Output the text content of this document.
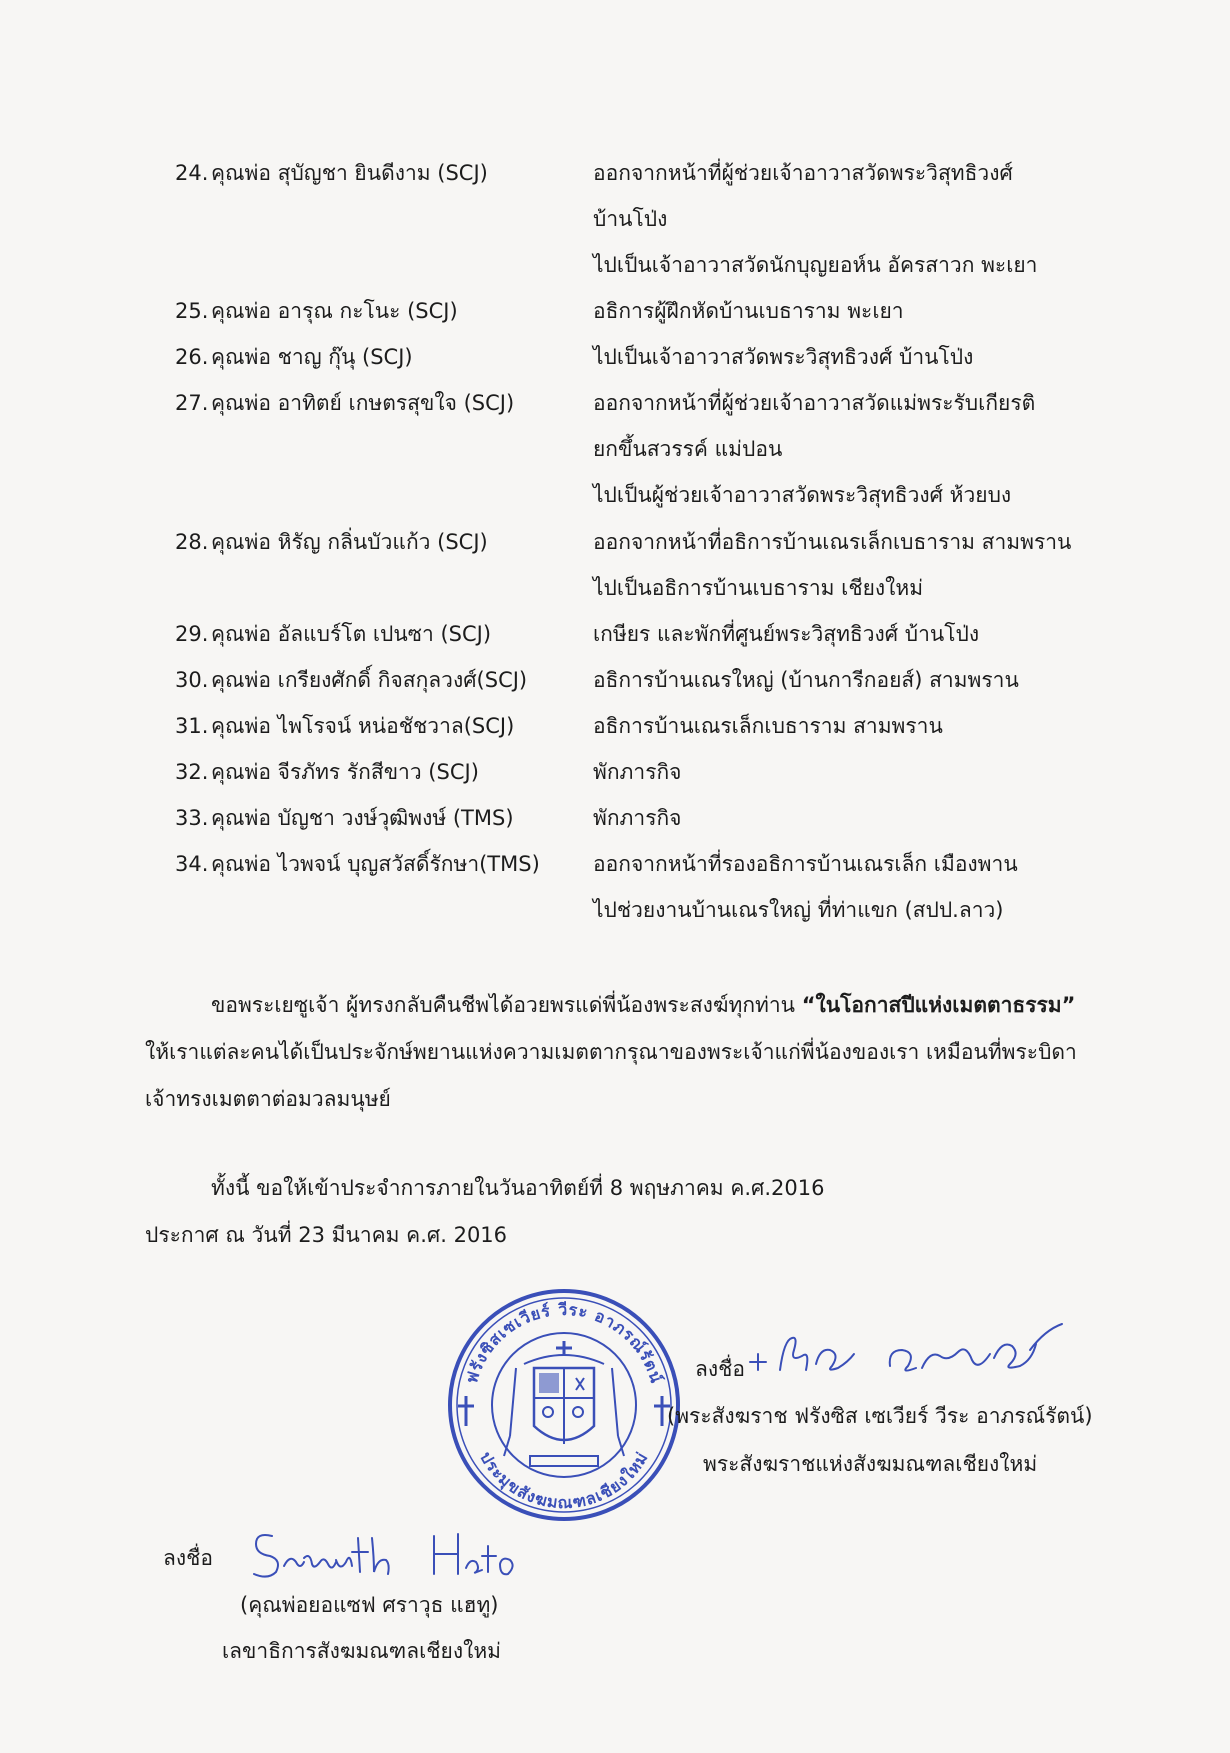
24. คุณพ่อ สุบัญชา ยินดีงาม (SCJ)	ออกจากหน้าที่ผู้ช่วยเจ้าอาวาสวัดพระวิสุทธิวงศ์
บ้านโป่ง
ไปเป็นเจ้าอาวาสวัดนักบุญยอห์น อัครสาวก พะเยา
25. คุณพ่อ อารุณ กะโนะ (SCJ)	อธิการผู้ฝึกหัดบ้านเบธาราม พะเยา
26. คุณพ่อ ชาญ กุ๊นุ (SCJ)	ไปเป็นเจ้าอาวาสวัดพระวิสุทธิวงศ์ บ้านโป่ง
27. คุณพ่อ อาทิตย์ เกษตรสุขใจ (SCJ)	ออกจากหน้าที่ผู้ช่วยเจ้าอาวาสวัดแม่พระรับเกียรติ
ยกขึ้นสวรรค์ แม่ปอน
ไปเป็นผู้ช่วยเจ้าอาวาสวัดพระวิสุทธิวงศ์ ห้วยบง
28. คุณพ่อ หิรัญ กลิ่นบัวแก้ว (SCJ)	ออกจากหน้าที่อธิการบ้านเณรเล็กเบธาราม สามพราน
ไปเป็นอธิการบ้านเบธาราม เชียงใหม่
29. คุณพ่อ อัลแบร์โต เปนซา (SCJ)	เกษียร และพักที่ศูนย์พระวิสุทธิวงศ์ บ้านโป่ง
30. คุณพ่อ เกรียงศักดิ์ กิจสกุลวงศ์(SCJ)	อธิการบ้านเณรใหญ่ (บ้านการีกอยส์) สามพราน
31. คุณพ่อ ไพโรจน์ หน่อชัชวาล(SCJ)	อธิการบ้านเณรเล็กเบธาราม สามพราน
32. คุณพ่อ จีรภัทร รักสีขาว (SCJ)	พักภารกิจ
33. คุณพ่อ บัญชา วงษ์วุฒิพงษ์ (TMS)	พักภารกิจ
34. คุณพ่อ ไวพจน์ บุญสวัสดิ์รักษา(TMS)	ออกจากหน้าที่รองอธิการบ้านเณรเล็ก เมืองพาน
ไปช่วยงานบ้านเณรใหญ่ ที่ท่าแขก (สปป.ลาว)
ขอพระเยซูเจ้า ผู้ทรงกลับคืนชีพได้อวยพรแด่พี่น้องพระสงฆ์ทุกท่าน “ในโอกาสปีแห่งเมตตาธรรม” ให้เราแต่ละคนได้เป็นประจักษ์พยานแห่งความเมตตากรุณาของพระเจ้าแก่พี่น้องของเรา เหมือนที่พระบิดาเจ้าทรงเมตตาต่อมวลมนุษย์
ทั้งนี้ ขอให้เข้าประจำการภายในวันอาทิตย์ที่ 8 พฤษภาคม ค.ศ.2016
ประกาศ ณ วันที่ 23 มีนาคม ค.ศ. 2016
ฟรังซิสเซเวียร์ วีระ อาภรณ์รัตน์
ประมุขสังฆมณฑลเชียงใหม่
ลงชื่อ
+ ฟรีระ อาภรณ์รัตน์
(พระสังฆราช ฟรังซิส เซเวียร์ วีระ อาภรณ์รัตน์)
พระสังฆราชแห่งสังฆมณฑลเชียงใหม่
ลงชื่อ
Saravuth Haeto
(คุณพ่อยอแซฟ ศราวุธ แฮทู)
เลขาธิการสังฆมณฑลเชียงใหม่
